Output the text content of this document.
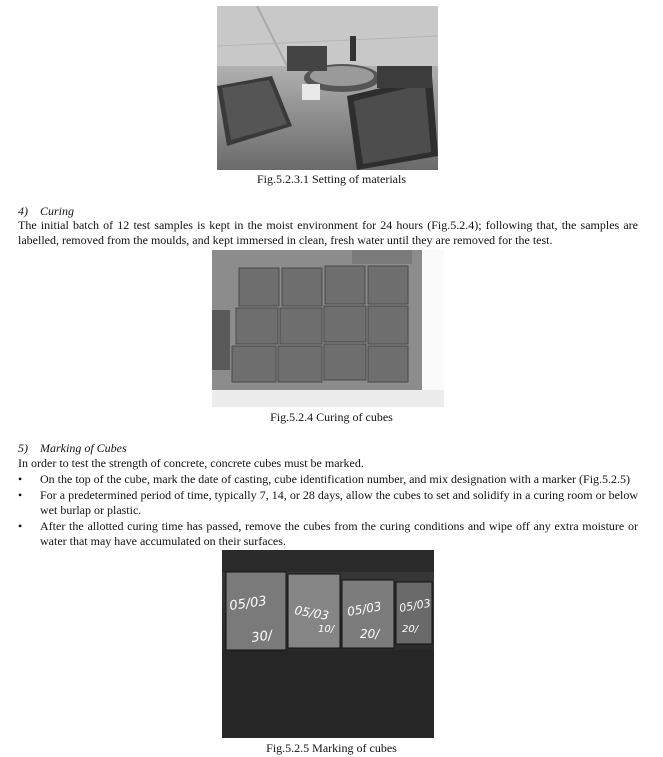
Fig.5.2.3.1 Setting of materials
4) Curing
The initial batch of 12 test samples is kept in the moist environment for 24 hours (Fig.5.2.4); following that, the samples are labelled, removed from the moulds, and kept immersed in clean, fresh water until they are removed for the test.
Fig.5.2.4 Curing of cubes
5) Marking of Cubes
In order to test the strength of concrete, concrete cubes must be marked.
•	On the top of the cube, mark the date of casting, cube identification number, and mix designation with a marker (Fig.5.2.5)
•	For a predetermined period of time, typically 7, 14, or 28 days, allow the cubes to set and solidify in a curing room or below wet burlap or plastic.
•	After the allotted curing time has passed, remove the cubes from the curing conditions and wipe off any extra moisture or water that may have accumulated on their surfaces.
05/03
30/
05/03
10/
05/03
20/
05/03
20/
Fig.5.2.5 Marking of cubes
